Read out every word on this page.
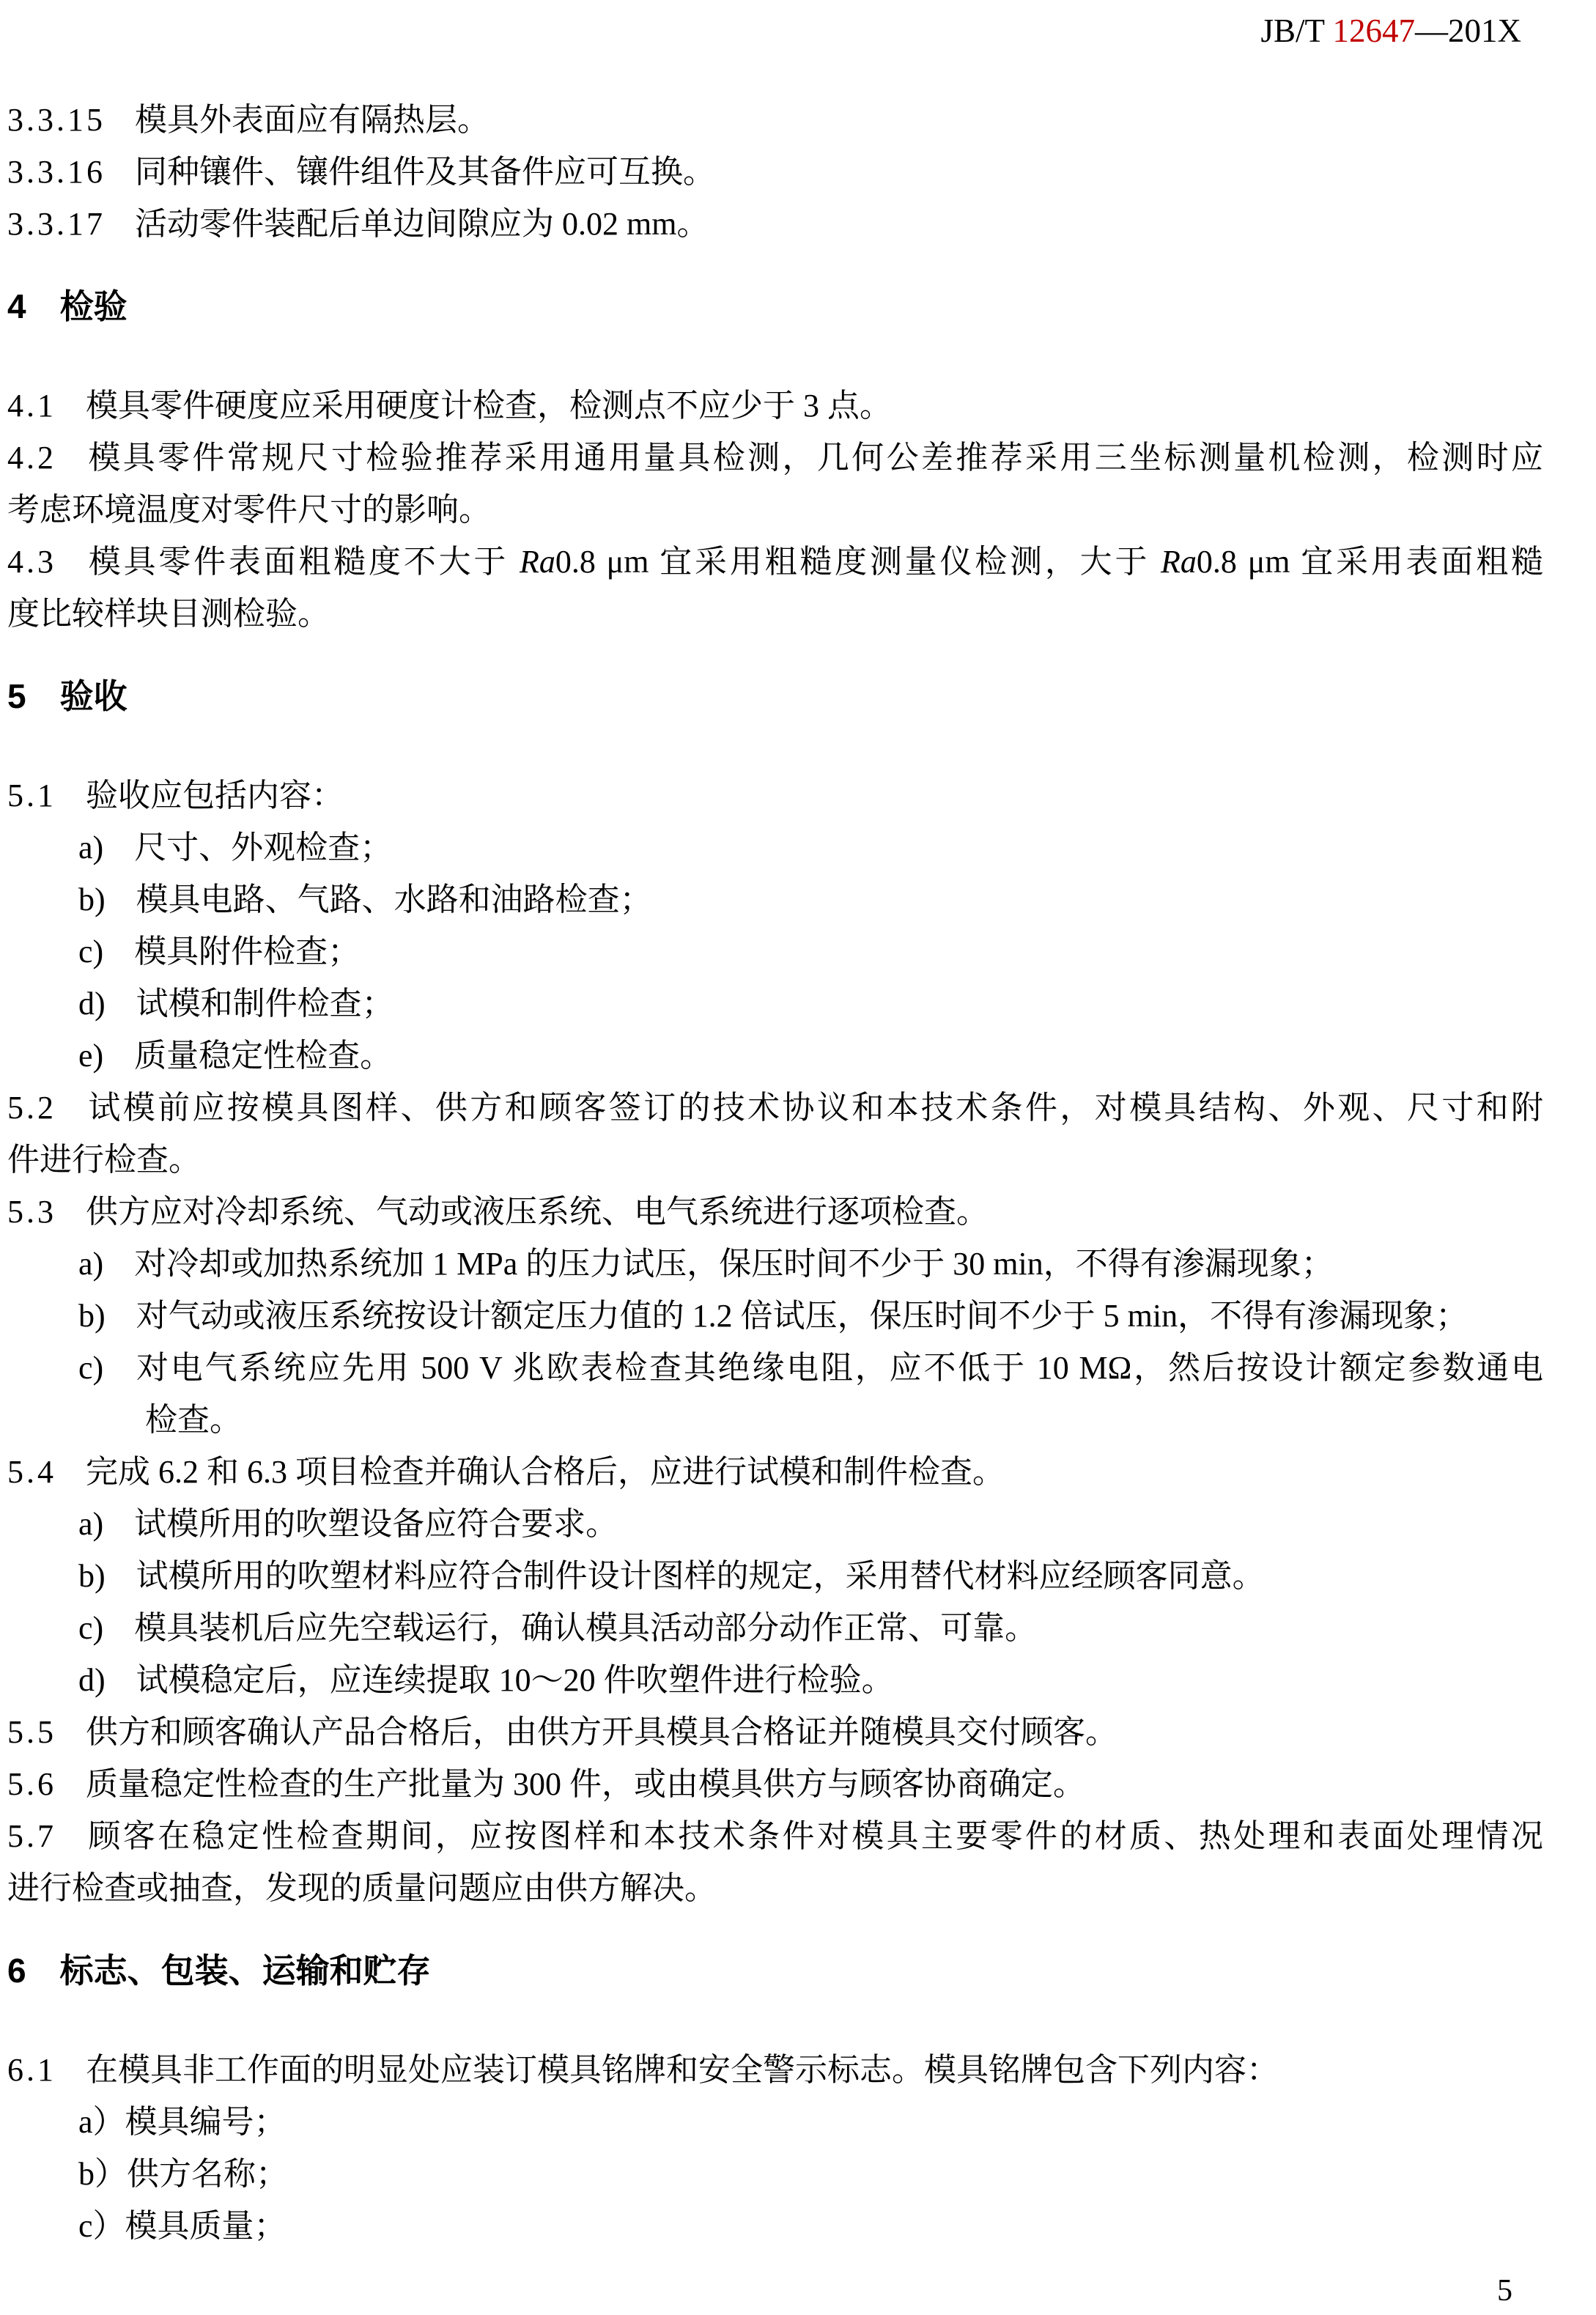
JB/T 12647—201X
3.3.15 模具外表面应有隔热层。
3.3.16 同种镶件、镶件组件及其备件应可互换。
3.3.17 活动零件装配后单边间隙应为 0.02 mm。
4 检验
4.1 模具零件硬度应采用硬度计检查，检测点不应少于 3 点。
4.2 模具零件常规尺寸检验推荐采用通用量具检测，几何公差推荐采用三坐标测量机检测，检测时应
考虑环境温度对零件尺寸的影响。
4.3 模具零件表面粗糙度不大于 Ra0.8 μm 宜采用粗糙度测量仪检测，大于 Ra0.8 μm 宜采用表面粗糙
度比较样块目测检验。
5 验收
5.1 验收应包括内容：
a) 尺寸、外观检查；
b) 模具电路、气路、水路和油路检查；
c) 模具附件检查；
d) 试模和制件检查；
e) 质量稳定性检查。
5.2 试模前应按模具图样、供方和顾客签订的技术协议和本技术条件，对模具结构、外观、尺寸和附
件进行检查。
5.3 供方应对冷却系统、气动或液压系统、电气系统进行逐项检查。
a) 对冷却或加热系统加 1 MPa 的压力试压，保压时间不少于 30 min，不得有渗漏现象；
b) 对气动或液压系统按设计额定压力值的 1.2 倍试压，保压时间不少于 5 min，不得有渗漏现象；
c) 对电气系统应先用 500 V 兆欧表检查其绝缘电阻，应不低于 10 MΩ，然后按设计额定参数通电
检查。
5.4 完成 6.2 和 6.3 项目检查并确认合格后，应进行试模和制件检查。
a) 试模所用的吹塑设备应符合要求。
b) 试模所用的吹塑材料应符合制件设计图样的规定，采用替代材料应经顾客同意。
c) 模具装机后应先空载运行，确认模具活动部分动作正常、可靠。
d) 试模稳定后，应连续提取 10～20 件吹塑件进行检验。
5.5 供方和顾客确认产品合格后，由供方开具模具合格证并随模具交付顾客。
5.6 质量稳定性检查的生产批量为 300 件，或由模具供方与顾客协商确定。
5.7 顾客在稳定性检查期间，应按图样和本技术条件对模具主要零件的材质、热处理和表面处理情况
进行检查或抽查，发现的质量问题应由供方解决。
6 标志、包装、运输和贮存
6.1 在模具非工作面的明显处应装订模具铭牌和安全警示标志。模具铭牌包含下列内容：
a）模具编号；
b）供方名称；
c）模具质量；
5
